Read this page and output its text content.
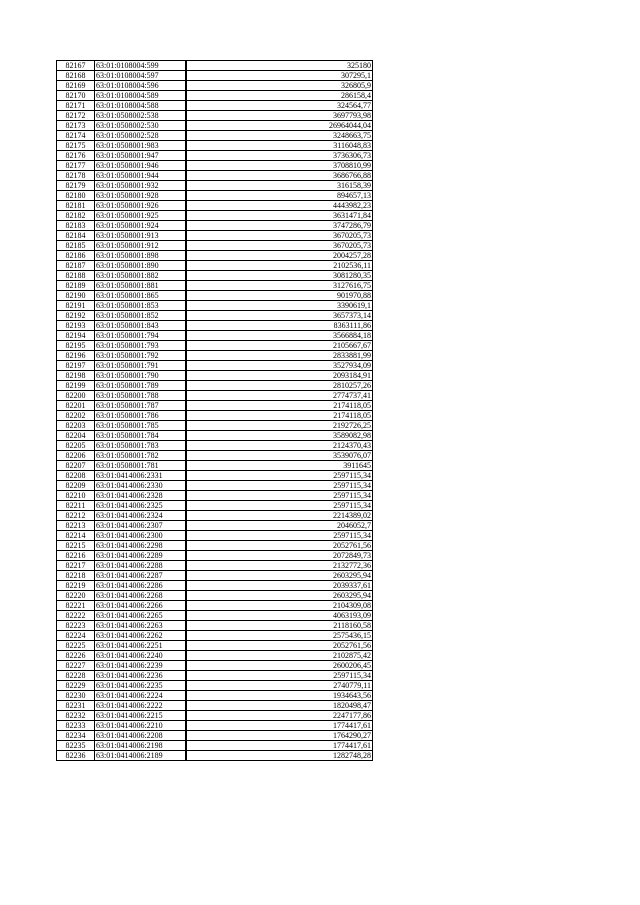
82167	63:01:0108004:599	325180
82168	63:01:0108004:597	307295,1
82169	63:01:0108004:596	326805,9
82170	63:01:0108004:589	286158,4
82171	63:01:0108004:588	324564,77
82172	63:01:0508002:538	3697793,98
82173	63:01:0508002:530	26964044,04
82174	63:01:0508002:528	3248663,75
82175	63:01:0508001:983	3116048,83
82176	63:01:0508001:947	3736306,73
82177	63:01:0508001:946	3708810,99
82178	63:01:0508001:944	3686766,88
82179	63:01:0508001:932	316158,39
82180	63:01:0508001:928	894657,13
82181	63:01:0508001:926	4443982,23
82182	63:01:0508001:925	3631471,84
82183	63:01:0508001:924	3747286,79
82184	63:01:0508001:913	3670205,73
82185	63:01:0508001:912	3670205,73
82186	63:01:0508001:898	2004257,28
82187	63:01:0508001:890	2102536,11
82188	63:01:0508001:882	3081280,35
82189	63:01:0508001:881	3127616,75
82190	63:01:0508001:865	901970,88
82191	63:01:0508001:853	3390619,1
82192	63:01:0508001:852	3657373,14
82193	63:01:0508001:843	8363111,86
82194	63:01:0508001:794	3566884,18
82195	63:01:0508001:793	2105667,67
82196	63:01:0508001:792	2833881,99
82197	63:01:0508001:791	3527934,09
82198	63:01:0508001:790	2093184,91
82199	63:01:0508001:789	2810257,26
82200	63:01:0508001:788	2774737,41
82201	63:01:0508001:787	2174118,05
82202	63:01:0508001:786	2174118,05
82203	63:01:0508001:785	2192726,25
82204	63:01:0508001:784	3589082,98
82205	63:01:0508001:783	2124370,43
82206	63:01:0508001:782	3539076,07
82207	63:01:0508001:781	3911645
82208	63:01:0414006:2331	2597115,34
82209	63:01:0414006:2330	2597115,34
82210	63:01:0414006:2328	2597115,34
82211	63:01:0414006:2325	2597115,34
82212	63:01:0414006:2324	2214389,02
82213	63:01:0414006:2307	2046052,7
82214	63:01:0414006:2300	2597115,34
82215	63:01:0414006:2298	2052761,56
82216	63:01:0414006:2289	2072849,73
82217	63:01:0414006:2288	2132772,36
82218	63:01:0414006:2287	2603295,94
82219	63:01:0414006:2286	2039337,61
82220	63:01:0414006:2268	2603295,94
82221	63:01:0414006:2266	2104309,08
82222	63:01:0414006:2265	4063193,09
82223	63:01:0414006:2263	2118160,58
82224	63:01:0414006:2262	2575436,15
82225	63:01:0414006:2251	2052761,56
82226	63:01:0414006:2240	2102875,42
82227	63:01:0414006:2239	2600206,45
82228	63:01:0414006:2236	2597115,34
82229	63:01:0414006:2235	2740779,11
82230	63:01:0414006:2224	1934643,56
82231	63:01:0414006:2222	1820498,47
82232	63:01:0414006:2215	2247177,86
82233	63:01:0414006:2210	1774417,61
82234	63:01:0414006:2208	1764290,27
82235	63:01:0414006:2198	1774417,61
82236	63:01:0414006:2189	1282748,28
